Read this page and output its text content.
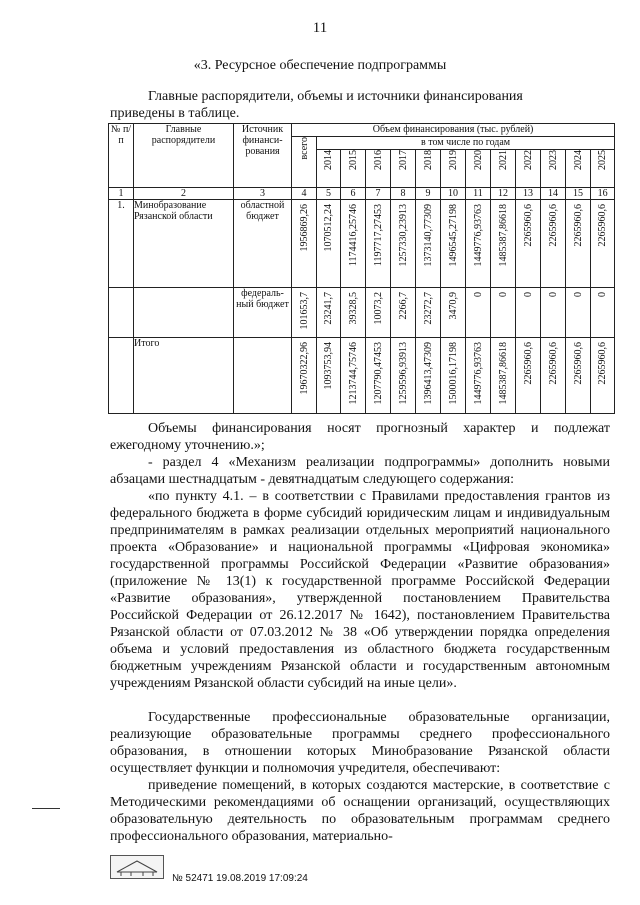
11
«3. Ресурсное обеспечение подпрограммы
Главные распорядители, объемы и источники финансирования
приведены в таблице.
№ п/п	Главные распорядители	Источник финанси-рования	Объем финансирования (тыс. рублей)												

			всего	в том числе по годам											

				2014	2015	2016	2017	2018	2019	2020	2021	2022	2023	2024	2025

1	2	3	4	5	6	7	8	9	10	11	12	13	14	15	16
1.	Минобразование Рязанской области	областной бюджет	1956869,26	1070512,24	1174416,25746	1197717,27453	1257330,23913	1373140,77309	1496545,27198	1449776,93763	1485387,86618	2265960,6	2265960,6	2265960,6	2265960,6

		федераль-ный бюджет	101653,7	23241,7	39328,5	10073,2	2266,7	23272,7	3470,9	0	0	0	0	0	0

	Итого		19670322,96	1093753,94	1213744,75746	1207790,47453	1259596,93913	1396413,47309	1500016,17198	1449776,93763	1485387,86618	2265960,6	2265960,6	2265960,6	2265960,6
Объемы финансирования носят прогнозный характер и подлежат ежегодному уточнению.»;
- раздел 4 «Механизм реализации подпрограммы» дополнить новыми абзацами шестнадцатым - девятнадцатым следующего содержания:
«по пункту 4.1. – в соответствии с Правилами предоставления грантов из федерального бюджета в форме субсидий юридическим лицам и индивидуальным предпринимателям в рамках реализации отдельных мероприятий национального проекта «Образование» и национальной программы «Цифровая экономика» государственной программы Российской Федерации «Развитие образования» (приложение № 13(1) к государственной программе Российской Федерации «Развитие образования», утвержденной постановлением Правительства Российской Федерации от 26.12.2017 № 1642), постановлением Правительства Рязанской области от 07.03.2012 № 38 «Об утверждении порядка определения объема и условий предоставления из областного бюджета государственным бюджетным учреждениям Рязанской области и государственным автономным учреждениям Рязанской области субсидий на иные цели».
Государственные профессиональные образовательные организации, реализующие образовательные программы среднего профессионального образования, в отношении которых Минобразование Рязанской области осуществляет функции и полномочия учредителя, обеспечивают:
приведение помещений, в которых создаются мастерские, в соответствие с Методическими рекомендациями об оснащении организаций, осуществляющих образовательную деятельность по образовательным программам среднего профессионального образования, материально-
№ 52471 19.08.2019 17:09:24
